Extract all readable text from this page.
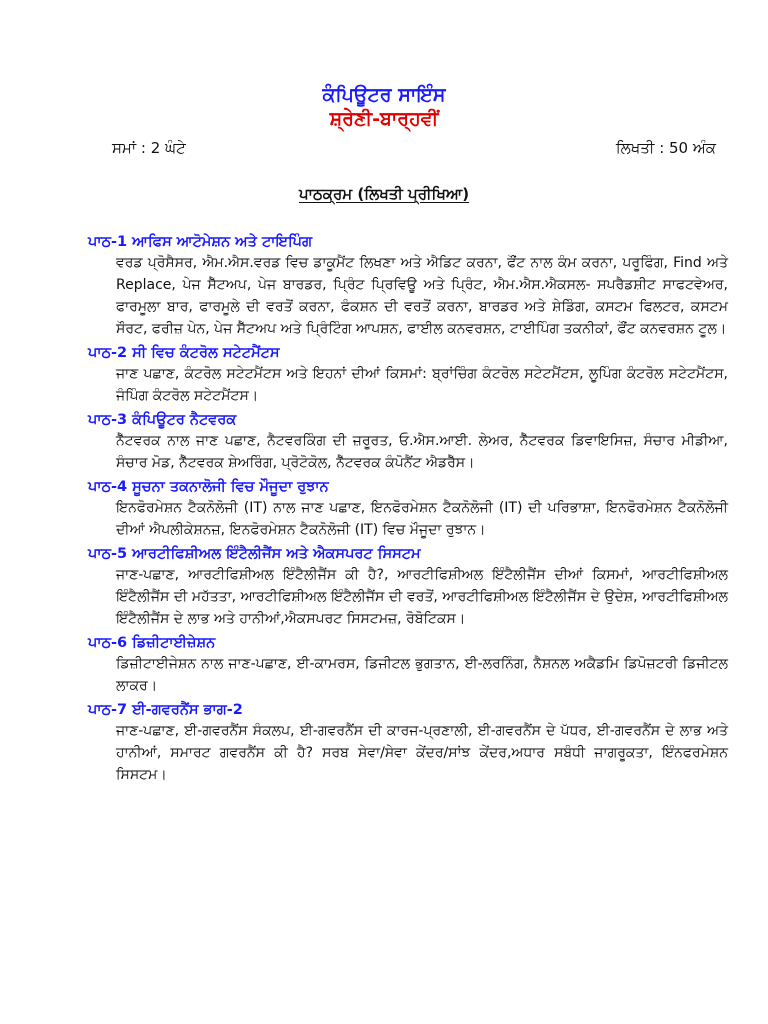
ਕੰਪਿਊਟਰ ਸਾਇੰਸ
ਸ਼੍ਰੇਣੀ-ਬਾਰ੍ਹਵੀਂ
ਸਮਾਂ : 2 ਘੰਟੇ	ਲਿਖਤੀ : 50 ਅੰਕ
ਪਾਠਕ੍ਰਮ (ਲਿਖਤੀ ਪ੍ਰੀਖਿਆ)
ਪਾਠ-1 ਆਫਿਸ ਆਟੋਮੇਸ਼ਨ ਅਤੇ ਟਾਇਪਿੰਗ
ਵਰਡ ਪ੍ਰੋਸੈਸਰ, ਐਮ.ਐਸ.ਵਰਡ ਵਿਚ ਡਾਕੂਮੈਂਟ ਲਿਖਣਾ ਅਤੇ ਐਡਿਟ ਕਰਨਾ, ਫੌਂਟ ਨਾਲ ਕੰਮ ਕਰਨਾ, ਪਰੂਫਿੰਗ, Find ਅਤੇ Replace, ਪੇਜ ਸੈੱਟਅਪ, ਪੇਜ ਬਾਰਡਰ, ਪ੍ਰਿੰਟ ਪ੍ਰਿਵਿਊ ਅਤੇ ਪ੍ਰਿੰਟ, ਐਮ.ਐਸ.ਐਕਸਲ- ਸਪਰੈਡਸ਼ੀਟ ਸਾਫਟਵੇਅਰ, ਫਾਰਮੂਲਾ ਬਾਰ, ਫਾਰਮੂਲੇ ਦੀ ਵਰਤੋਂ ਕਰਨਾ, ਫੰਕਸ਼ਨ ਦੀ ਵਰਤੋਂ ਕਰਨਾ, ਬਾਰਡਰ ਅਤੇ ਸ਼ੇਡਿੰਗ, ਕਸਟਮ ਫਿਲਟਰ, ਕਸਟਮ ਸੌਰਟ, ਫਰੀਜ਼ ਪੇਨ, ਪੇਜ ਸੈੱਟਅਪ ਅਤੇ ਪ੍ਰਿੰਟਿੰਗ ਆਪਸ਼ਨ, ਫਾਈਲ ਕਨਵਰਸ਼ਨ, ਟਾਈਪਿੰਗ ਤਕਨੀਕਾਂ, ਫੌਂਟ ਕਨਵਰਸ਼ਨ ਟੂਲ।
ਪਾਠ-2 ਸੀ ਵਿਚ ਕੰਟਰੋਲ ਸਟੇਟਮੈਂਟਸ
ਜਾਣ ਪਛਾਣ, ਕੰਟਰੋਲ ਸਟੇਟਮੈਂਟਸ ਅਤੇ ਇਹਨਾਂ ਦੀਆਂ ਕਿਸਮਾਂ: ਬ੍ਰਾਂਚਿੰਗ ਕੰਟਰੋਲ ਸਟੇਟਮੈਂਟਸ, ਲੂਪਿੰਗ ਕੰਟਰੋਲ ਸਟੇਟਮੈਂਟਸ, ਜੰਪਿੰਗ ਕੰਟਰੋਲ ਸਟੇਟਮੈਂਟਸ।
ਪਾਠ-3 ਕੰਪਿਊਟਰ ਨੈਟਵਰਕ
ਨੈੱਟਵਰਕ ਨਾਲ ਜਾਣ ਪਛਾਣ, ਨੈਟਵਰਕਿੰਗ ਦੀ ਜ਼ਰੂਰਤ, ਓ.ਐਸ.ਆਈ. ਲੇਅਰ, ਨੈੱਟਵਰਕ ਡਿਵਾਇਸਿਜ਼, ਸੰਚਾਰ ਮੀਡੀਆ, ਸੰਚਾਰ ਮੋਡ, ਨੈੱਟਵਰਕ ਸ਼ੇਅਰਿੰਗ, ਪ੍ਰੋਟੋਕੋਲ, ਨੈੱਟਵਰਕ ਕੰਪੋਨੈਂਟ ਐਡਰੈੱਸ।
ਪਾਠ-4 ਸੂਚਨਾ ਤਕਨਾਲੋਜੀ ਵਿਚ ਮੌਜੂਦਾ ਰੁਝਾਨ
ਇਨਫੋਰਮੇਸ਼ਨ ਟੈਕਨੋਲੋਜੀ (IT) ਨਾਲ ਜਾਣ ਪਛਾਣ, ਇਨਫੋਰਮੇਸ਼ਨ ਟੈਕਨੋਲੋਜੀ (IT) ਦੀ ਪਰਿਭਾਸ਼ਾ, ਇਨਫੋਰਮੇਸ਼ਨ ਟੈਕਨੋਲੋਜੀ ਦੀਆਂ ਐਪਲੀਕੇਸ਼ਨਜ਼, ਇਨਫੋਰਮੇਸ਼ਨ ਟੈਕਨੋਲੋਜੀ (IT) ਵਿਚ ਮੌਜੂਦਾ ਰੁਝਾਨ।
ਪਾਠ-5 ਆਰਟੀਫਿਸ਼ੀਅਲ ਇੰਟੈਲੀਜੈਂਸ ਅਤੇ ਐਕਸਪਰਟ ਸਿਸਟਮ
ਜਾਣ-ਪਛਾਣ, ਆਰਟੀਫਿਸ਼ੀਅਲ ਇੰਟੈਲੀਜੈਂਸ ਕੀ ਹੈ?, ਆਰਟੀਫਿਸ਼ੀਅਲ ਇੰਟੈਲੀਜੈਂਸ ਦੀਆਂ ਕਿਸਮਾਂ, ਆਰਟੀਫਿਸ਼ੀਅਲ ਇੰਟੈਲੀਜੈਂਸ ਦੀ ਮਹੱਤਤਾ, ਆਰਟੀਫਿਸ਼ੀਅਲ ਇੰਟੈਲੀਜੈਂਸ ਦੀ ਵਰਤੋਂ, ਆਰਟੀਫਿਸ਼ੀਅਲ ਇੰਟੈਲੀਜੈਂਸ ਦੇ ਉਦੇਸ਼, ਆਰਟੀਫਿਸ਼ੀਅਲ ਇੰਟੈਲੀਜੈਂਸ ਦੇ ਲਾਭ ਅਤੇ ਹਾਨੀਆਂ,ਐਕਸਪਰਟ ਸਿਸਟਮਜ਼, ਰੋਬੋਟਿਕਸ।
ਪਾਠ-6 ਡਿਜ਼ੀਟਾਈਜ਼ੇਸ਼ਨ
ਡਿਜ਼ੀਟਾਈਜੇਸ਼ਨ ਨਾਲ ਜਾਣ-ਪਛਾਣ, ਈ-ਕਾਮਰਸ, ਡਿਜੀਟਲ ਭੁਗਤਾਨ, ਈ-ਲਰਨਿੰਗ, ਨੈਸ਼ਨਲ ਅਕੈਡਮਿ ਡਿਪੋਜ਼ਟਰੀ ਡਿਜੀਟਲ ਲਾਕਰ।
ਪਾਠ-7 ਈ-ਗਵਰਨੈਂਸ ਭਾਗ-2
ਜਾਣ-ਪਛਾਣ, ਈ-ਗਵਰਨੈਂਸ ਸੰਕਲਪ, ਈ-ਗਵਰਨੈਂਸ ਦੀ ਕਾਰਜ-ਪ੍ਰਣਾਲੀ, ਈ-ਗਵਰਨੈਂਸ ਦੇ ਪੱਧਰ, ਈ-ਗਵਰਨੈਂਸ ਦੇ ਲਾਭ ਅਤੇ ਹਾਨੀਆਂ, ਸਮਾਰਟ ਗਵਰਨੈਂਸ ਕੀ ਹੈ? ਸਰਬ ਸੇਵਾ/ਸੇਵਾ ਕੇਂਦਰ/ਸਾਂਝ ਕੇਂਦਰ,ਅਧਾਰ ਸਬੰਧੀ ਜਾਗਰੂਕਤਾ, ਇੰਨਫਰਮੇਸ਼ਨ ਸਿਸਟਮ।
